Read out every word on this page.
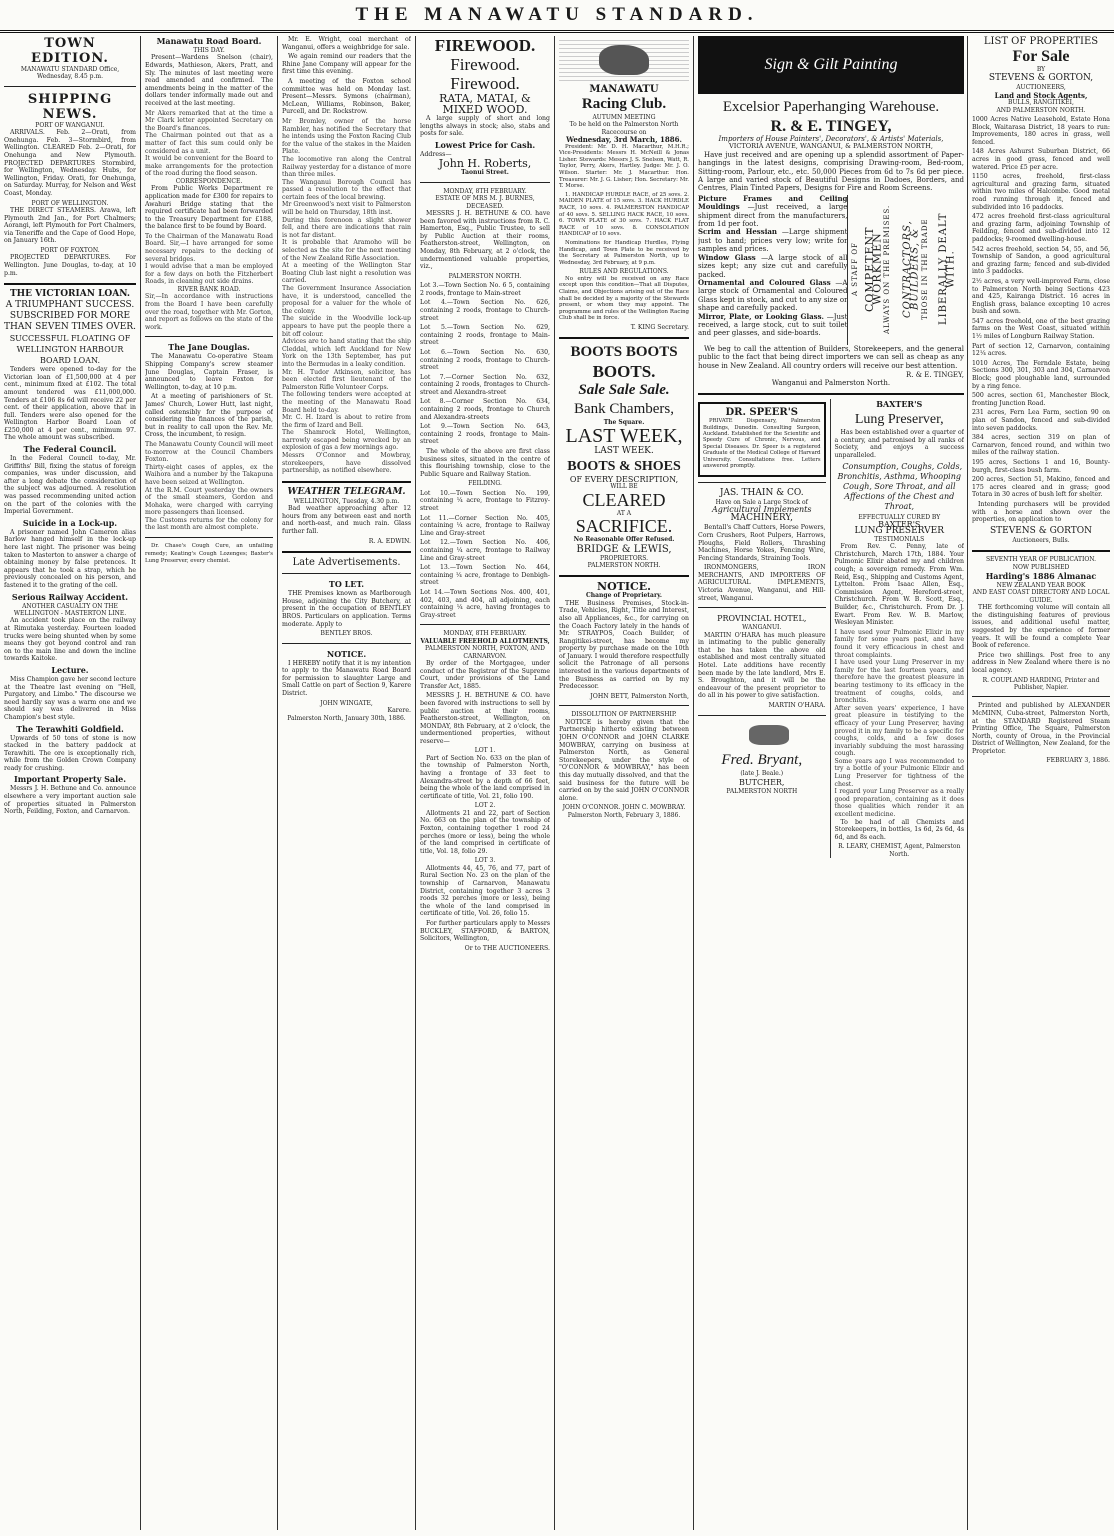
THE MANAWATU STANDARD.
TOWN EDITION.
MANAWATU STANDARD Office,
Wednesday, 8.45 p.m.
SHIPPING NEWS.
PORT OF WANGANUI.

ARRIVALS. Feb. 2—Orati, from Onehunga. Feb. 3—Stormbird, from Wellington. CLEARED Feb. 2—Orati, for Onehunga and New Plymouth. PROJECTED DEPARTURES Stormbird, for Wellington, Wednesday. Hubs, for Wellington, Friday. Orati, for Onehunga, on Saturday. Murray, for Nelson and West Coast, Monday.

PORT OF WELLINGTON.

THE DIRECT STEAMERS. Arawa, left Plymouth 2nd Jan., for Port Chalmers; Aorangi, left Plymouth for Port Chalmers, via Teneriffe and the Cape of Good Hope, on January 16th.

PORT OF FOXTON.

PROJECTED DEPARTURES. For Wellington. June Douglas, to-day, at 10 p.m.

THE VICTORIAN LOAN.
A TRIUMPHANT SUCCESS.
SUBSCRIBED FOR MORE THAN SEVEN TIMES OVER.
SUCCESSFUL FLOATING OF WELLINGTON HARBOUR BOARD LOAN.

Tenders were opened to-day for the Victorian loan of £1,500,000 at 4 per cent., minimum fixed at £102. The total amount tendered was £11,000,000. Tenders at £106 8s 6d will receive 22 per cent. of their application, above that in full. Tenders were also opened for the Wellington Harbor Board Loan of £250,000 at 4 per cent., minimum 97. The whole amount was subscribed.

The Federal Council.

In the Federal Council to-day, Mr. Griffiths' Bill, fixing the status of foreign companies, was under discussion, and after a long debate the consideration of the subject was adjourned. A resolution was passed recommending united action on the part of the colonies with the Imperial Government.

Suicide in a Lock-up.

A prisoner named John Cameron alias Barlow hanged himself in the lock-up here last night. The prisoner was being taken to Masterton to answer a charge of obtaining money by false pretences. It appears that he took a strap, which he previously concealed on his person, and fastened it to the grating of the cell.

Serious Railway Accident.
ANOTHER CASUALTY ON THE WELLINGTON - MASTERTON LINE.

An accident took place on the railway at Rimutaka yesterday. Fourteen loaded trucks were being shunted when by some means they got beyond control and ran on to the main line and down the incline towards Kaitoke.

Lecture.

Miss Champion gave her second lecture at the Theatre last evening on "Hell, Purgatory, and Limbo." The discourse we need hardly say was a warm one and we should say was delivered in Miss Champion's best style.

The Terawhiti Goldfield.

Upwards of 50 tons of stone is now stacked in the battery paddock at Terawhiti. The ore is exceptionally rich, while from the Golden Crown Company ready for crushing.

Important Property Sale.

Messrs J. H. Bethune and Co. announce elsewhere a very important auction sale of properties situated in Palmerston North, Feilding, Foxton, and Carnarvon.

Manawatu Road Board.
THIS DAY.

Present—Wardens Snelson (chair), Edwards, Mathieson, Akers, Pratt, and Sly. The minutes of last meeting were read amended and confirmed. The amendments being in the matter of the dollars tender informally made out and received at the last meeting.

Mr Akers remarked that at the time a Mr Clark letter appointed Secretary on the Board's finances.
The Chairman pointed out that as a matter of fact this sum could only be considered as a unit.
It would be convenient for the Board to make arrangements for the protection of the road during the flood season.
CORRESPONDENCE.

From Public Works Department re application made for £300 for repairs to Awahuri Bridge stating that the required certificate had been forwarded to the Treasury Department for £188, the balance first to be found by Board.

To the Chairman of the Manawatu Road Board. Sir,—I have arranged for some necessary repairs to the decking of several bridges.
I would advise that a man be employed for a few days on both the Fitzherbert Roads, in cleaning out side drains.
RIVER BANK ROAD.
Sir,—In accordance with instructions from the Board I have been carefully over the road, together with Mr. Gorton, and report as follows on the state of the work.
The Jane Douglas.

The Manawatu Co-operative Steam Shipping Company's screw steamer June Douglas, Captain Fraser, is announced to leave Foxton for Wellington, to-day, at 10 p.m.

At a meeting of parishioners of St. James' Church, Lower Hutt, last night, called ostensibly for the purpose of considering the finances of the parish, but in reality to call upon the Rev. Mr. Cross, the incumbent, to resign.

The Manawatu County Council will meet to-morrow at the Council Chambers Foxton.
Thirty-eight cases of apples, ex the Waihora and a number by the Takapuna have been seized at Wellington.
At the R.M. Court yesterday the owners of the small steamers, Gordon and Mohaka, were charged with carrying more passengers than licensed.
The Customs returns for the colony for the last month are almost complete.

Dr. Chase's Cough Cure, an unfailing remedy; Keating's Cough Lozenges; Baxter's Lung Preserver, every chemist.

Mr. E. Wright, coal merchant of Wanganui, offers a weighbridge for sale.

We again remind our readers that the Rhine Jane Company will appear for the first time this evening.

A meeting of the Foxton school committee was held on Monday last. Present—Messrs. Symons (chairman), McLean, Williams, Robinson, Baker, Purcell, and Dr. Rockstrow.

Mr Bromley, owner of the horse Rambler, has notified the Secretary that he intends using the Foxton Racing Club for the value of the stakes in the Maiden Plate.
The locomotive ran along the Central Railway yesterday for a distance of more than three miles.
The Wanganui Borough Council has passed a resolution to the effect that certain fees of the local brewing.
Mr Greenwood's next visit to Palmerston will be held on Thursday, 18th inst.
During this forenoon a slight shower fell, and there are indications that rain is not far distant.
It is probable that Aramoho will be selected as the site for the next meeting of the New Zealand Rifle Association.
At a meeting of the Wellington Star Boating Club last night a resolution was carried.
The Government Insurance Association have, it is understood, cancelled the proposal for a valuer for the whole of the colony.
The suicide in the Woodville lock-up appears to have put the people there a bit off colour.
Advices are to hand stating that the ship Cleddal, which left Auckland for New York on the 13th September, has put into the Bermudas in a leaky condition.
Mr. H. Tudor Atkinson, solicitor, has been elected first lieutenant of the Palmerston Rifle Volunteer Corps.
The following tenders were accepted at the meeting of the Manawatu Road Board held to-day.
Mr. C. H. Izard is about to retire from the firm of Izard and Bell.
The Shamrock Hotel, Wellington, narrowly escaped being wrecked by an explosion of gas a few mornings ago.
Messrs O'Connor and Mowbray, storekeepers, have dissolved partnership, as notified elsewhere.
WEATHER TELEGRAM.
WELLINGTON, Tuesday, 4.30 p.m.

Bad weather approaching after 12 hours from any between east and north and north-east, and much rain. Glass further fall.

R. A. EDWIN.
Late Advertisements.
TO LET.

THE Premises known as Marlborough House, adjoining the City Butchery, at present in the occupation of BENTLEY BROS. Particulars on application. Terms moderate. Apply to

BENTLEY BROS.
NOTICE.

I HEREBY notify that it is my intention to apply to the Manawatu Road Board for permission to slaughter Large and Small Cattle on part of Section 9, Karere District.

JOHN WINGATE,
Karere.
Palmerston North, January 30th, 1886.
FIREWOOD.
Firewood.
Firewood.
RATA, MATAI, & MIXED WOOD.

A large supply of short and long lengths always in stock; also, stabs and posts for sale.

Lowest Price for Cash.
Address—
John H. Roberts,
Taonui Street.
MONDAY, 8TH FEBRUARY.
ESTATE OF MRS M. J. BURNES, DECEASED.

MESSRS J. H. BETHUNE & CO. have been favored with instructions from R. C. Hamerton, Esq., Public Trustee, to sell by Public Auction at their rooms, Featherston-street, Wellington, on Monday, 8th February, at 2 o'clock, the undermentioned valuable properties, viz.,

PALMERSTON NORTH.
Lot 3.—Town Section No. 6 5, containing 2 roods, frontage to Main-street
Lot 4.—Town Section No. 626, containing 2 roods, frontage to Church-street
Lot 5.—Town Section No. 629, containing 2 roods, frontage to Main-street
Lot 6.—Town Section No. 630, containing 2 roods, frontage to Church-street
Lot 7.—Corner Section No. 632, containing 2 roods, frontages to Church-street and Alexandra-street
Lot 8.—Corner Section No. 634, containing 2 roods, frontage to Church and Alexandra-streets
Lot 9.—Town Section No. 643, containing 2 roods, frontage to Main-street

The whole of the above are first class business sites, situated in the centre of this flourishing township, close to the Public Square and Railway Station.

FEILDING.
Lot 10.—Town Section No. 199, containing ¼ acre, frontage to Fitzroy-street
Lot 11.—Corner Section No. 405, containing ¼ acre, frontage to Railway Line and Gray-street
Lot 12.—Town Section No. 406, containing ¼ acre, frontage to Railway Line and Gray-street
Lot 13.—Town Section No. 464, containing ¼ acre, frontage to Denbigh-street
Lot 14.—Town Sections Nos. 400, 401, 402, 403, and 404, all adjoining, each containing ¼ acre, having frontages to Gray-street
MONDAY, 8TH FEBRUARY.
VALUABLE FREEHOLD ALLOTMENTS,
PALMERSTON NORTH, FOXTON, AND CARNARVON.

By order of the Mortgagee, under conduct of the Registrar of the Supreme Court, under provisions of the Land Transfer Act, 1885.

MESSRS J. H. BETHUNE & CO. have been favored with instructions to sell by public auction at their rooms, Featherston-street, Wellington, on MONDAY, 8th February, at 2 o'clock, the undermentioned properties, without reserve—

LOT 1.

Part of Section No. 633 on the plan of the township of Palmerston North, having a frontage of 33 feet to Alexandra-street by a depth of 66 feet, being the whole of the land comprised in certificate of title, Vol. 21, folio 190.

LOT 2.

Allotments 21 and 22, part of Section No. 663 on the plan of the township of Foxton, containing together 1 rood 24 perches (more or less), being the whole of the land comprised in certificate of title, Vol. 18, folio 29.

LOT 3.

Allotments 44, 45, 76, and 77, part of Rural Section No. 23 on the plan of the township of Carnarvon, Manawatu District, containing together 3 acres 3 roods 32 perches (more or less), being the whole of the land comprised in certificate of title, Vol. 26, folio 15.

For further particulars apply to Messrs BUCKLEY, STAFFORD, & BARTON, Solicitors, Wellington,

Or to THE AUCTIONEERS.
MANAWATU
Racing Club.
AUTUMN MEETING
To be held on the Palmerston North Racecourse on
Wednesday, 3rd March, 1886.

President: Mr. D. H. Macarthur, M.H.R.; Vice-Presidents: Messrs H. McNeill & Jonas Lisher. Stewards: Messrs J. S. Snelson, Watt, R. Taylor, Perry, Akers, Hartley. Judge: Mr. J. O. Wilson. Starter: Mr. J. Macarthur. Hon. Treasurer: Mr. J. G. Lisher; Hon. Secretary: Mr. T. Morse.

1. HANDICAP HURDLE RACE, of 25 sovs. 2. MAIDEN PLATE of 15 sovs. 3. HACK HURDLE RACE, 10 sovs. 4. PALMERSTON HANDICAP of 40 sovs. 5. SELLING HACK RACE, 10 sovs. 6. TOWN PLATE of 30 sovs. 7. HACK FLAT RACE of 10 sovs. 8. CONSOLATION HANDICAP of 10 sovs.

Nominations for Handicap Hurdles, Flying Handicap, and Town Plate to be received by the Secretary at Palmerston North, up to Wednesday, 3rd February, at 9 p.m.

RULES AND REGULATIONS.

No entry will be received on any Race except upon this condition—That all Disputes, Claims, and Objections arising out of the Race shall be decided by a majority of the Stewards present, or whom they may appoint. The programme and rules of the Wellington Racing Club shall be in force.

T. KING Secretary.
BOOTS BOOTS
BOOTS.
Sale Sale Sale.
Bank Chambers,
The Square.
LAST WEEK,
LAST WEEK.
BOOTS & SHOES
OF EVERY DESCRIPTION,
WILL BE
CLEARED
AT A
SACRIFICE.
No Reasonable Offer Refused.
BRIDGE & LEWIS,
PROPRIETORS.
PALMERSTON NORTH.
NOTICE.
Change of Proprietary.

THE Business Premises, Stock-in-Trade, Vehicles, Right, Title and Interest, also all Appliances, &c., for carrying on the Coach Factory lately in the hands of Mr. STRAYPOS, Coach Builder, of Rangitikei-street, has become my property by purchase made on the 10th of January. I would therefore respectfully solicit the Patronage of all persons interested in the various departments of the Business as carried on by my Predecessor.

JOHN BETT, Palmerston North,
DISSOLUTION OF PARTNERSHIP.

NOTICE is hereby given that the Partnership hitherto existing between JOHN O'CONNOR and JOHN CLARKE MOWBRAY, carrying on business at Palmerston North, as General Storekeepers, under the style of "O'CONNOR & MOWBRAY," has been this day mutually dissolved, and that the said business for the future will be carried on by the said JOHN O'CONNOR alone.

JOHN O'CONNOR. JOHN C. MOWBRAY.
Palmerston North, February 3, 1886.
Sign & Gilt Painting
Excelsior Paperhanging Warehouse.
R. & E. TINGEY,
Importers of House Painters', Decorators', & Artists' Materials,
VICTORIA AVENUE, WANGANUI, & PALMERSTON NORTH,

Have just received and are opening up a splendid assortment of Paper-hangings in the latest designs, comprising Drawing-room, Bed-room, Sitting-room, Parlour, etc., etc. 50,000 Pieces from 6d to 7s 6d per piece. A large and varied stock of Beautiful Designs in Dadoes, Borders, and Centres, Plain Tinted Papers, Designs for Fire and Room Screens.

Picture Frames and Ceiling Mouldings —Just received, a large shipment direct from the manufacturers, from 1d per foot.
Scrim and Hessian —Large shipment just to hand; prices very low; write for samples and prices.
Window Glass —A large stock of all sizes kept; any size cut and carefully packed.
Ornamental and Coloured Glass —A large stock of Ornamental and Coloured Glass kept in stock, and cut to any size or shape and carefully packed.
Mirror, Plate, or Looking Glass. —Just received, a large stock, cut to suit toilet and peer glasses, and side-boards.
A STAFF OF COMPETENT WORKMEN ALWAYS ON THE PREMISES. CONTRACTORS, BUILDERS, & THOSE IN THE TRADE LIBERALLY DEALT WITH.

We beg to call the attention of Builders, Storekeepers, and the general public to the fact that being direct importers we can sell as cheap as any house in New Zealand. All country orders will receive our best attention.

R. & E. TINGEY,
Wanganui and Palmerston North.
DR. SPEER'S

PRIVATE Dispensary, Palmerston Buildings, Dunedin. Consulting Surgeon, Auckland. Established for the Scientific and Speedy Cure of Chronic, Nervous, and Special Diseases. Dr. Speer is a registered Graduate of the Medical College of Harvard University. Consultations free. Letters answered promptly.

JAS. THAIN & CO.
Have on Sale a Large Stock of
Agricultural Implements
MACHINERY,

Bentall's Chaff Cutters, Horse Powers, Corn Crushers, Root Pulpers, Harrows, Ploughs, Field Rollers, Thrashing Machines, Horse Yokes, Fencing Wire, Fencing Standards, Straining Tools.

IRONMONGERS, IRON MERCHANTS, AND IMPORTERS OF AGRICULTURAL IMPLEMENTS, Victoria Avenue, Wanganui, and Hill-street, Wanganui.

PROVINCIAL HOTEL,
WANGANUI.

MARTIN O'HARA has much pleasure in intimating to the public generally that he has taken the above old established and most centrally situated Hotel. Late additions have recently been made by the late landlord, Mrs E. S. Broughton, and it will be the endeavour of the present proprietor to do all in his power to give satisfaction.

MARTIN O'HARA.
Fred. Bryant,
(late J. Beale.)
BUTCHER,
PALMERSTON NORTH
BAXTER'S
Lung Preserver,

Has been established over a quarter of a century, and patronised by all ranks of Society, and enjoys a success unparalleled.

Consumption, Coughs, Colds, Bronchitis, Asthma, Whooping Cough, Sore Throat, and all Affections of the Chest and Throat,

EFFECTUALLY CURED BY
BAXTER'S
LUNG PRESERVER
TESTIMONIALS

From Rev. C. Penny, late of Christchurch, March 17th, 1884. Your Pulmonic Elixir abated my and children cough; a sovereign remedy. From Wm. Reid, Esq., Shipping and Customs Agent, Lyttelton. From Isaac Allen, Esq., Commission Agent, Hereford-street, Christchurch. From W. B. Scott, Esq., Builder, &c., Christchurch. From Dr. J. Ewart. From Rev. W. B. Marlow, Wesleyan Minister.

I have used your Pulmonic Elixir in my family for some years past, and have found it very efficacious in chest and throat complaints.
I have used your Lung Preserver in my family for the last fourteen years, and therefore have the greatest pleasure in bearing testimony to its efficacy in the treatment of coughs, colds, and bronchitis.
After seven years' experience, I have great pleasure in testifying to the efficacy of your Lung Preserver, having proved it in my family to be a specific for coughs, colds, and a few doses invariably subduing the most harassing cough.
Some years ago I was recommended to try a bottle of your Pulmonic Elixir and Lung Preserver for tightness of the chest.
I regard your Lung Preserver as a really good preparation, containing as it does those qualities which render it an excellent medicine.

To be had of all Chemists and Storekeepers, in bottles, 1s 6d, 2s 6d, 4s 6d, and 8s each.

R. LEARY, CHEMIST, Agent, Palmerston North.
LIST OF PROPERTIES
For Sale
BY
STEVENS & GORTON,
AUCTIONEERS,
Land and Stock Agents,
BULLS, RANGITIKEI,
AND PALMERSTON NORTH.
1000 Acres Native Leasehold, Estate Hona Block, Waitarasa District, 18 years to run: Improvements, 180 acres in grass, well fenced.
148 Acres Ashurst Suburban District, 66 acres in good grass, fenced and well watered. Price £5 per acre.
1150 acres, freehold, first-class agricultural and grazing farm, situated within two miles of Halcombe. Good metal road running through it, fenced and subdivided into 16 paddocks.
472 acres freehold first-class agricultural and grazing farm, adjoining Township of Feilding, fenced and sub-divided into 12 paddocks; 9-roomed dwelling-house.
542 acres freehold, section 54, 55, and 56, Township of Sandon, a good agricultural and grazing farm; fenced and sub-divided into 3 paddocks.
2½ acres, a very well-improved Farm, close to Palmerston North being Sections 423 and 425, Kairanga District. 16 acres in English grass, balance excepting 10 acres bush and sown.
547 acres freehold, one of the best grazing farms on the West Coast, situated within 1½ miles of Longburn Railway Station.
Part of section 12, Carnarvon, containing 12¼ acres.
1010 Acres, The Ferndale Estate, being Sections 300, 301, 303 and 304, Carnarvon Block; good ploughable land, surrounded by a ring fence.
500 acres, section 61, Manchester Block, fronting Junction Road.
231 acres, Fern Lea Farm, section 90 on plan of Sandon, fenced and sub-divided into seven paddocks.
384 acres, section 319 on plan of Carnarvon, fenced round, and within two miles of the railway station.
195 acres, Sections 1 and 16, Bounty-burgh, first-class bush farm.
200 acres, Section 51, Makino, fenced and 175 acres cleared and in grass; good Totara in 30 acres of bush left for shelter.

Intending purchasers will be provided with a horse and shown over the properties, on application to

STEVENS & GORTON
Auctioneers, Bulls.
SEVENTH YEAR OF PUBLICATION.
NOW PUBLISHED
Harding's 1886 Almanac
NEW ZEALAND YEAR BOOK
AND EAST COAST DIRECTORY AND LOCAL GUIDE.

THE forthcoming volume will contain all the distinguishing features of previous issues, and additional useful matter, suggested by the experience of former years. It will be found a complete Year Book of reference.

Price two shillings. Post free to any address in New Zealand where there is no local agency.

R. COUPLAND HARDING, Printer and Publisher, Napier.

Printed and published by ALEXANDER McMINN, Cuba-street, Palmerston North, at the STANDARD Registered Steam Printing Office, The Square, Palmerston North, county of Oroua, in the Provincial District of Wellington, New Zealand, for the Proprietor.

FEBRUARY 3, 1886.
